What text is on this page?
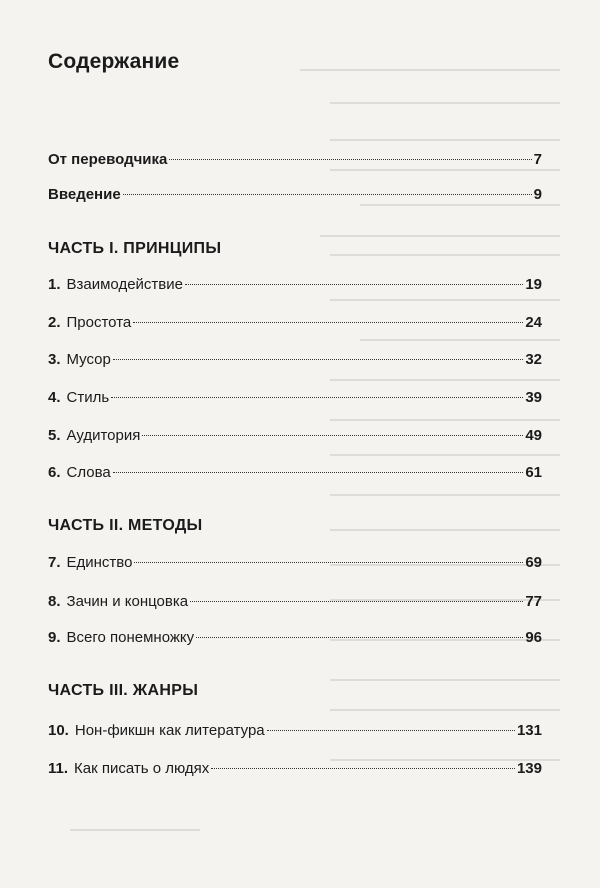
Содержание
От переводчика	7
Введение	9
ЧАСТЬ I. ПРИНЦИПЫ
1. Взаимодействие	19
2. Простота	24
3. Мусор	32
4. Стиль	39
5. Аудитория	49
6. Слова	61
ЧАСТЬ II. МЕТОДЫ
7. Единство	69
8. Зачин и концовка	77
9. Всего понемножку	96
ЧАСТЬ III. ЖАНРЫ
10. Нон-фикшн как литература	131
11. Как писать о людях	139
